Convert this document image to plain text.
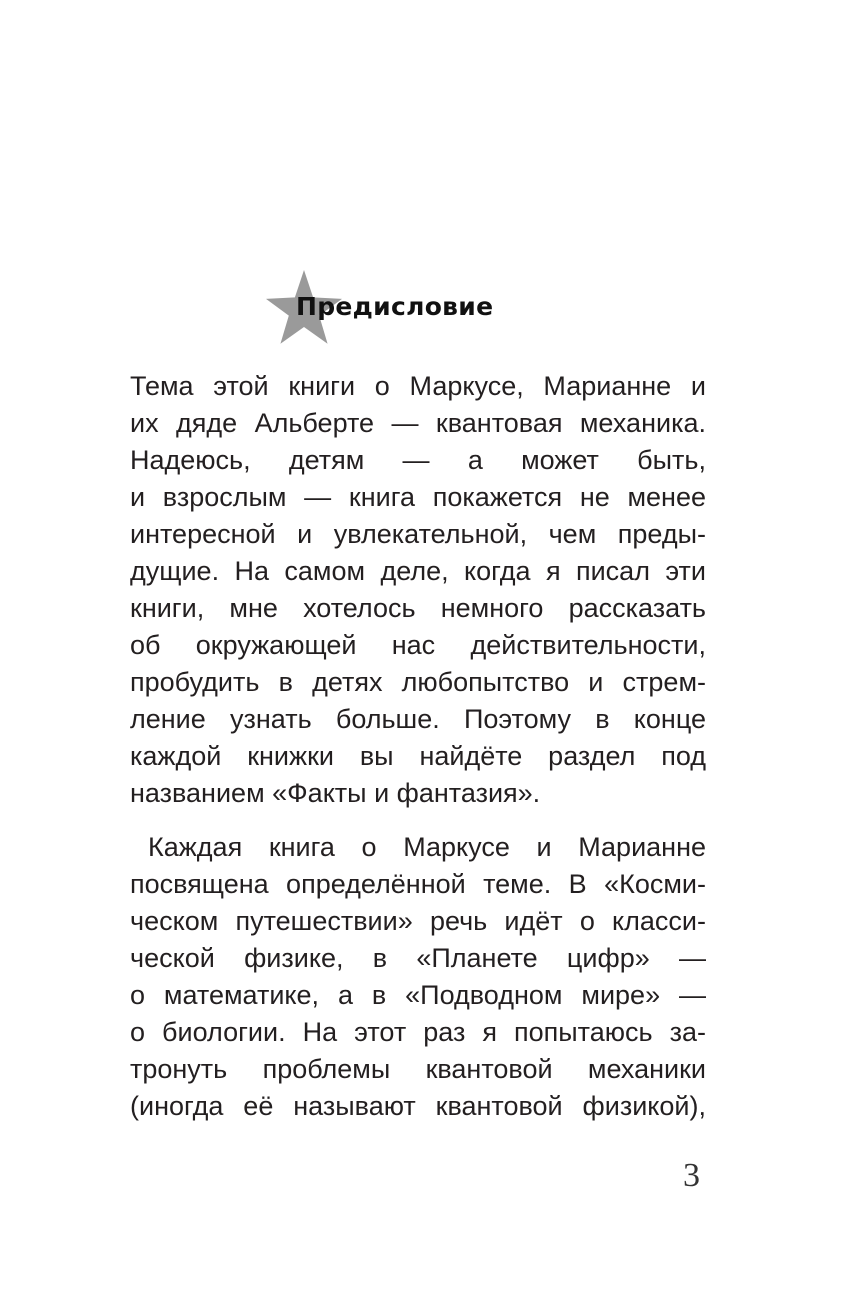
Предисловие
Тема этой книги о Маркусе, Марианне и
их дяде Альберте — квантовая механика.
Надеюсь, детям — а может быть,
и взрослым — книга покажется не менее
интересной и увлекательной, чем преды-
дущие. На самом деле, когда я писал эти
книги, мне хотелось немного рассказать
об окружающей нас действительности,
пробудить в детях любопытство и стрем-
ление узнать больше. Поэтому в конце
каждой книжки вы найдёте раздел под
названием «Факты и фантазия».
Каждая книга о Маркусе и Марианне
посвящена определённой теме. В «Косми-
ческом путешествии» речь идёт о класси-
ческой физике, в «Планете цифр» —
о математике, а в «Подводном мире» —
о биологии. На этот раз я попытаюсь за-
тронуть проблемы квантовой механики
(иногда её называют квантовой физикой),
3
